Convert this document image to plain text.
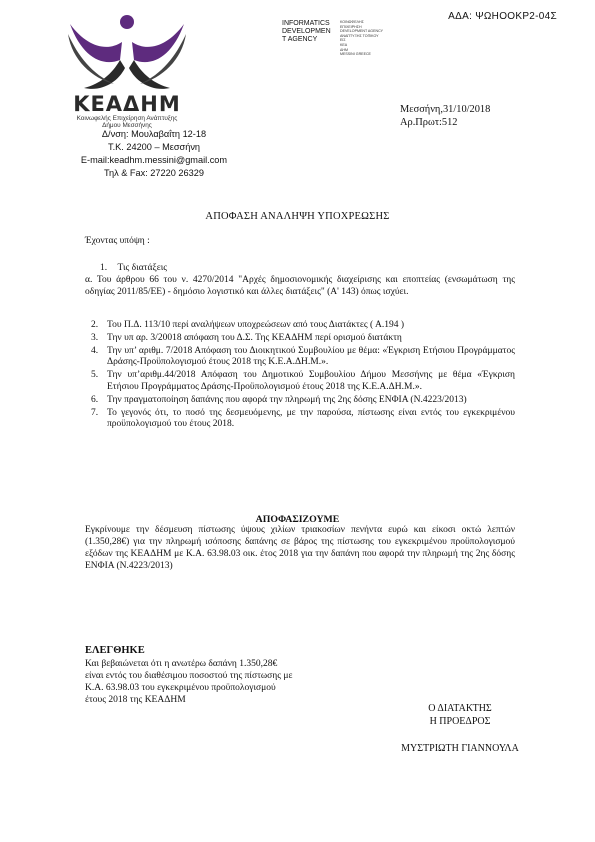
ΑΔΑ: ΨΩΗΟΟΚΡ2-04Σ
ΚΕΑΔΗΜ
Κοινωφελής Επιχείρηση Ανάπτυξης
Δήμου Μεσσήνης
INFORMATICS
DEVELOPMEN
T AGENCY
ΚΟΙΝΩΦΕΛΗΣ
ΕΠΙΧΕΙΡΗΣΗ
DEVELOPMENT AGENCY
ΑΝΑΠΤΥΞΗΣ ΤΟΠΙΚΟΥ
ΕΙΣ
ΚΕΑ
ΔΗΜ
MESSINI GREECE
Δ/νση: Μουλαβαΐτη 12-18
Τ.Κ. 24200 – Μεσσήνη
E-mail:keadhm.messini@gmail.com
Τηλ & Fax: 27220 26329
Μεσσήνη,31/10/2018
Αρ.Πρωτ:512
ΑΠΟΦΑΣΗ ΑΝΑΛΗΨΗ ΥΠΟΧΡΕΩΣΗΣ
Έχοντας υπόψη :
1. Τις διατάξεις
α. Του άρθρου 66 του ν. 4270/2014 "Αρχές δημοσιονομικής διαχείρισης και εποπτείας (ενσωμάτωση της οδηγίας 2011/85/ΕΕ) - δημόσιο λογιστικό και άλλες διατάξεις" (Α' 143) όπως ισχύει.
2. Του Π.Δ. 113/10 περί αναλήψεων υποχρεώσεων από τους Διατάκτες ( Α.194 )
3. Την υπ αρ. 3/20018 απόφαση του Δ.Σ. Της ΚΕΑΔΗΜ περί ορισμού διατάκτη
4. Την υπ’ αριθμ. 7/2018 Απόφαση του Διοικητικού Συμβουλίου με θέμα: «Έγκριση Ετήσιου Προγράμματος Δράσης-Προϋπολογισμού έτους 2018 της Κ.Ε.Α.ΔΗ.Μ.».
5. Την υπ’αριθμ.44/2018 Απόφαση του Δημοτικού Συμβουλίου Δήμου Μεσσήνης με θέμα «Έγκριση Ετήσιου Προγράμματος Δράσης-Προϋπολογισμού έτους 2018 της Κ.Ε.Α.ΔΗ.Μ.».
6. Την πραγματοποίηση δαπάνης που αφορά την πληρωμή της 2ης δόσης ΕΝΦΙΑ (Ν.4223/2013)
7. Το γεγονός ότι, το ποσό της δεσμευόμενης, με την παρούσα, πίστωσης είναι εντός του εγκεκριμένου προϋπολογισμού του έτους 2018.
ΑΠΟΦΑΣΙΖΟΥΜΕ
Εγκρίνουμε την δέσμευση πίστωσης ύψους χιλίων τριακοσίων πενήντα ευρώ και είκοσι οκτώ λεπτών (1.350,28€) για την πληρωμή ισόποσης δαπάνης σε βάρος της πίστωσης του εγκεκριμένου προϋπολογισμού εξόδων της ΚΕΑΔΗΜ με Κ.Α. 63.98.03 οικ. έτος 2018 για την δαπάνη που αφορά την πληρωμή της 2ης δόσης ΕΝΦΙΑ (Ν.4223/2013)
ΕΛΕΓΘΗΚΕ
Και βεβαιώνεται ότι η ανωτέρω δαπάνη 1.350,28€
είναι εντός του διαθέσιμου ποσοστού της πίστωσης με
Κ.Α. 63.98.03 του εγκεκριμένου προϋπολογισμού
έτους 2018 της ΚΕΑΔΗΜ
Ο ΔΙΑΤΑΚΤΗΣ
Η ΠΡΟΕΔΡΟΣ
ΜΥΣΤΡΙΩΤΗ ΓΙΑΝΝΟΥΛΑ
